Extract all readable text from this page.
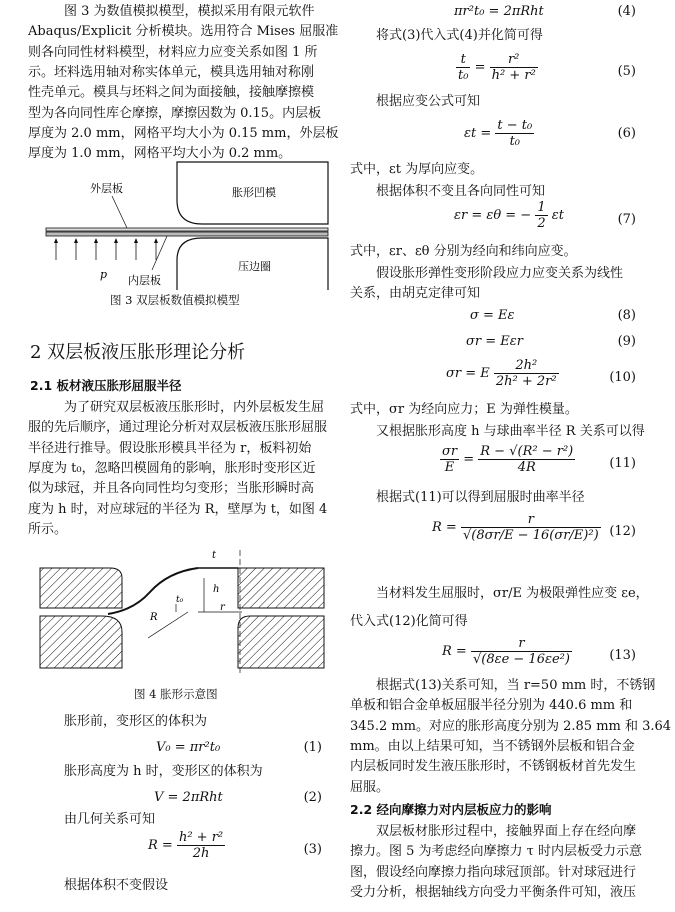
图 3 为数值模拟模型，模拟采用有限元软件
Abaqus/Explicit 分析模块。选用符合 Mises 屈服准
则各向同性材料模型，材料应力应变关系如图 1 所
示。坯料选用轴对称实体单元，模具选用轴对称刚
性壳单元。模具与坯料之间为面接触，接触摩擦模
型为各向同性库仑摩擦，摩擦因数为 0.15。内层板
厚度为 2.0 mm，网格平均大小为 0.15 mm，外层板
厚度为 1.0 mm，网格平均大小为 0.2 mm。
外层板	胀形凹模
p 内层板
压边圈
图 3 双层板数值模拟模型
2 双层板液压胀形理论分析
2.1 板材液压胀形屈服半径
为了研究双层板液压胀形时，内外层板发生屈
服的先后顺序，通过理论分析对双层板液压胀形屈服
半径进行推导。假设胀形模具半径为 r，板料初始
厚度为 t₀，忽略凹模圆角的影响，胀形时变形区近
似为球冠，并且各向同性均匀变形；当胀形瞬时高
度为 h 时，对应球冠的半径为 R，壁厚为 t，如图 4
所示。
t
h
r
R
t₀
图 4 胀形示意图
胀形前，变形区的体积为
V₀ = πr²t₀	(1)
胀形高度为 h 时，变形区的体积为
V = 2πRht	(2)
由几何关系可知
$R = \frac{\text{h² + r²}}{2h}$	(3)
根据体积不变假设
πr²t₀ = 2πRht	(4)
将式(3)代入式(4)并化简可得
$\frac{t}{\text{t₀}} = \frac{\text{r²}}{\text{h² + r²}}$	(5)
根据应变公式可知
$\varepsilon t = \frac{\text{t − t₀}}{\text{t₀}}$	(6)
式中，εt 为厚向应变。
根据体积不变且各向同性可知
εr = εθ = − $\frac{1}{2}$ εt	(7)
式中，εr、εθ 分别为经向和纬向应变。
假设胀形弹性变形阶段应力应变关系为线性
关系，由胡克定律可知
σ = Eε	(8)
σr = Eεr	(9)
σr = E $\frac{\text{2h²}}{\text{2h² + 2r²}}$	(10)
式中，σr 为经向应力；E 为弹性模量。
又根据胀形高度 h 与球曲率半径 R 关系可以得
$\frac{\sigma r}{E} = \frac{\text{R − √(R² − r²)}}{4R}$	(11)
根据式(11)可以得到屈服时曲率半径
$R = \frac{r}{\text{√(8σr/E − 16(σr/E)²)}} (12)$
当材料发生屈服时，σr/E 为极限弹性应变 εe，
代入式(12)化简可得
$R = \frac{r}{\text{√(8εe − 16εe²)}}$	(13)
根据式(13)关系可知，当 r=50 mm 时，不锈钢
单板和铝合金单板屈服半径分别为 440.6 mm 和
345.2 mm。对应的胀形高度分别为 2.85 mm 和 3.64
mm。由以上结果可知，当不锈钢外层板和铝合金
内层板同时发生液压胀形时，不锈钢板材首先发生
屈服。
2.2 经向摩擦力对内层板应力的影响
双层板材胀形过程中，接触界面上存在经向摩
擦力。图 5 为考虑经向摩擦力 τ 时内层板受力示意
图，假设经向摩擦力指向球冠顶部。针对球冠进行
受力分析，根据轴线方向受力平衡条件可知，液压
